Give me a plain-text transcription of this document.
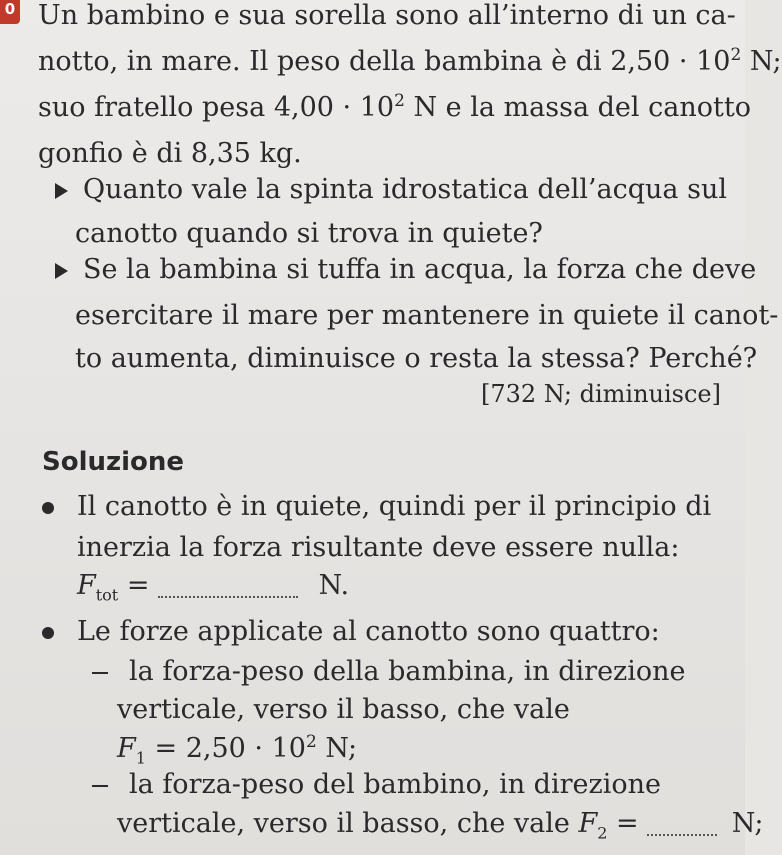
0 Un bambino e sua sorella sono all’interno di un ca-
notto, in mare. Il peso della bambina è di $2,50 \cdot 10^2$ N;
suo fratello pesa $4,00 \cdot 10^2$ N e la massa del canotto
gonfio è di 8,35 kg.
Quanto vale la spinta idrostatica dell’acqua sul
canotto quando si trova in quiete?
Se la bambina si tuffa in acqua, la forza che deve
esercitare il mare per mantenere in quiete il canot-
to aumenta, diminuisce o resta la stessa? Perché?
[732 N; diminuisce]
Soluzione
Il canotto è in quiete, quindi per il principio di
inerzia la forza risultante deve essere nulla:
$F_{tot}$ =	N.
Le forze applicate al canotto sono quattro:
la forza-peso della bambina, in direzione
verticale, verso il basso, che vale
$F_1 = 2,50 \cdot 10^2$ N;
la forza-peso del bambino, in direzione
verticale, verso il basso, che vale $F_2$ =	N;
